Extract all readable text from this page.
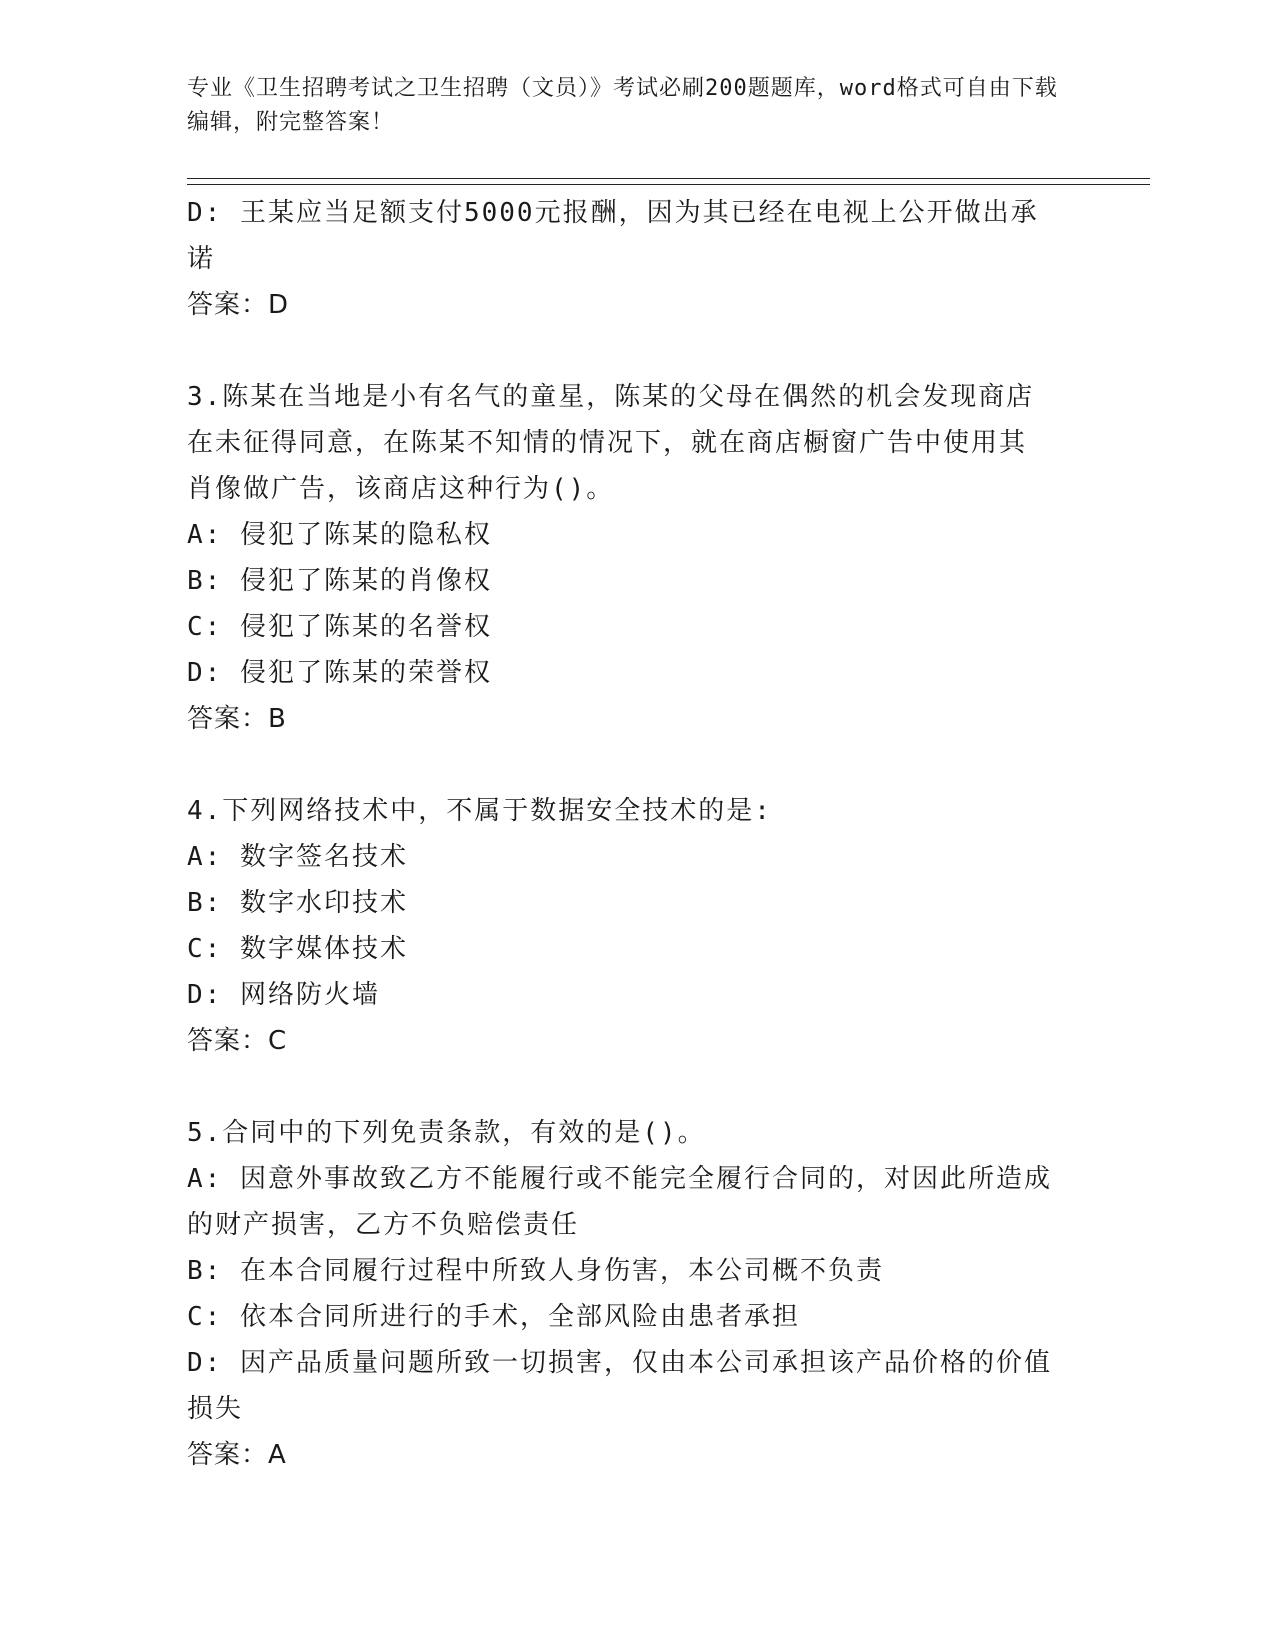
专业《卫生招聘考试之卫生招聘（文员）》考试必刷200题题库，word格式可自由下载编辑，附完整答案！
D: 王某应当足额支付5000元报酬，因为其已经在电视上公开做出承
诺
答案：D
3.陈某在当地是小有名气的童星，陈某的父母在偶然的机会发现商店
在未征得同意，在陈某不知情的情况下，就在商店橱窗广告中使用其
肖像做广告，该商店这种行为()。
A: 侵犯了陈某的隐私权
B: 侵犯了陈某的肖像权
C: 侵犯了陈某的名誉权
D: 侵犯了陈某的荣誉权
答案：B
4.下列网络技术中，不属于数据安全技术的是:
A: 数字签名技术
B: 数字水印技术
C: 数字媒体技术
D: 网络防火墙
答案：C
5.合同中的下列免责条款，有效的是()。
A: 因意外事故致乙方不能履行或不能完全履行合同的，对因此所造成
的财产损害，乙方不负赔偿责任
B: 在本合同履行过程中所致人身伤害，本公司概不负责
C: 依本合同所进行的手术，全部风险由患者承担
D: 因产品质量问题所致一切损害，仅由本公司承担该产品价格的价值
损失
答案：A
